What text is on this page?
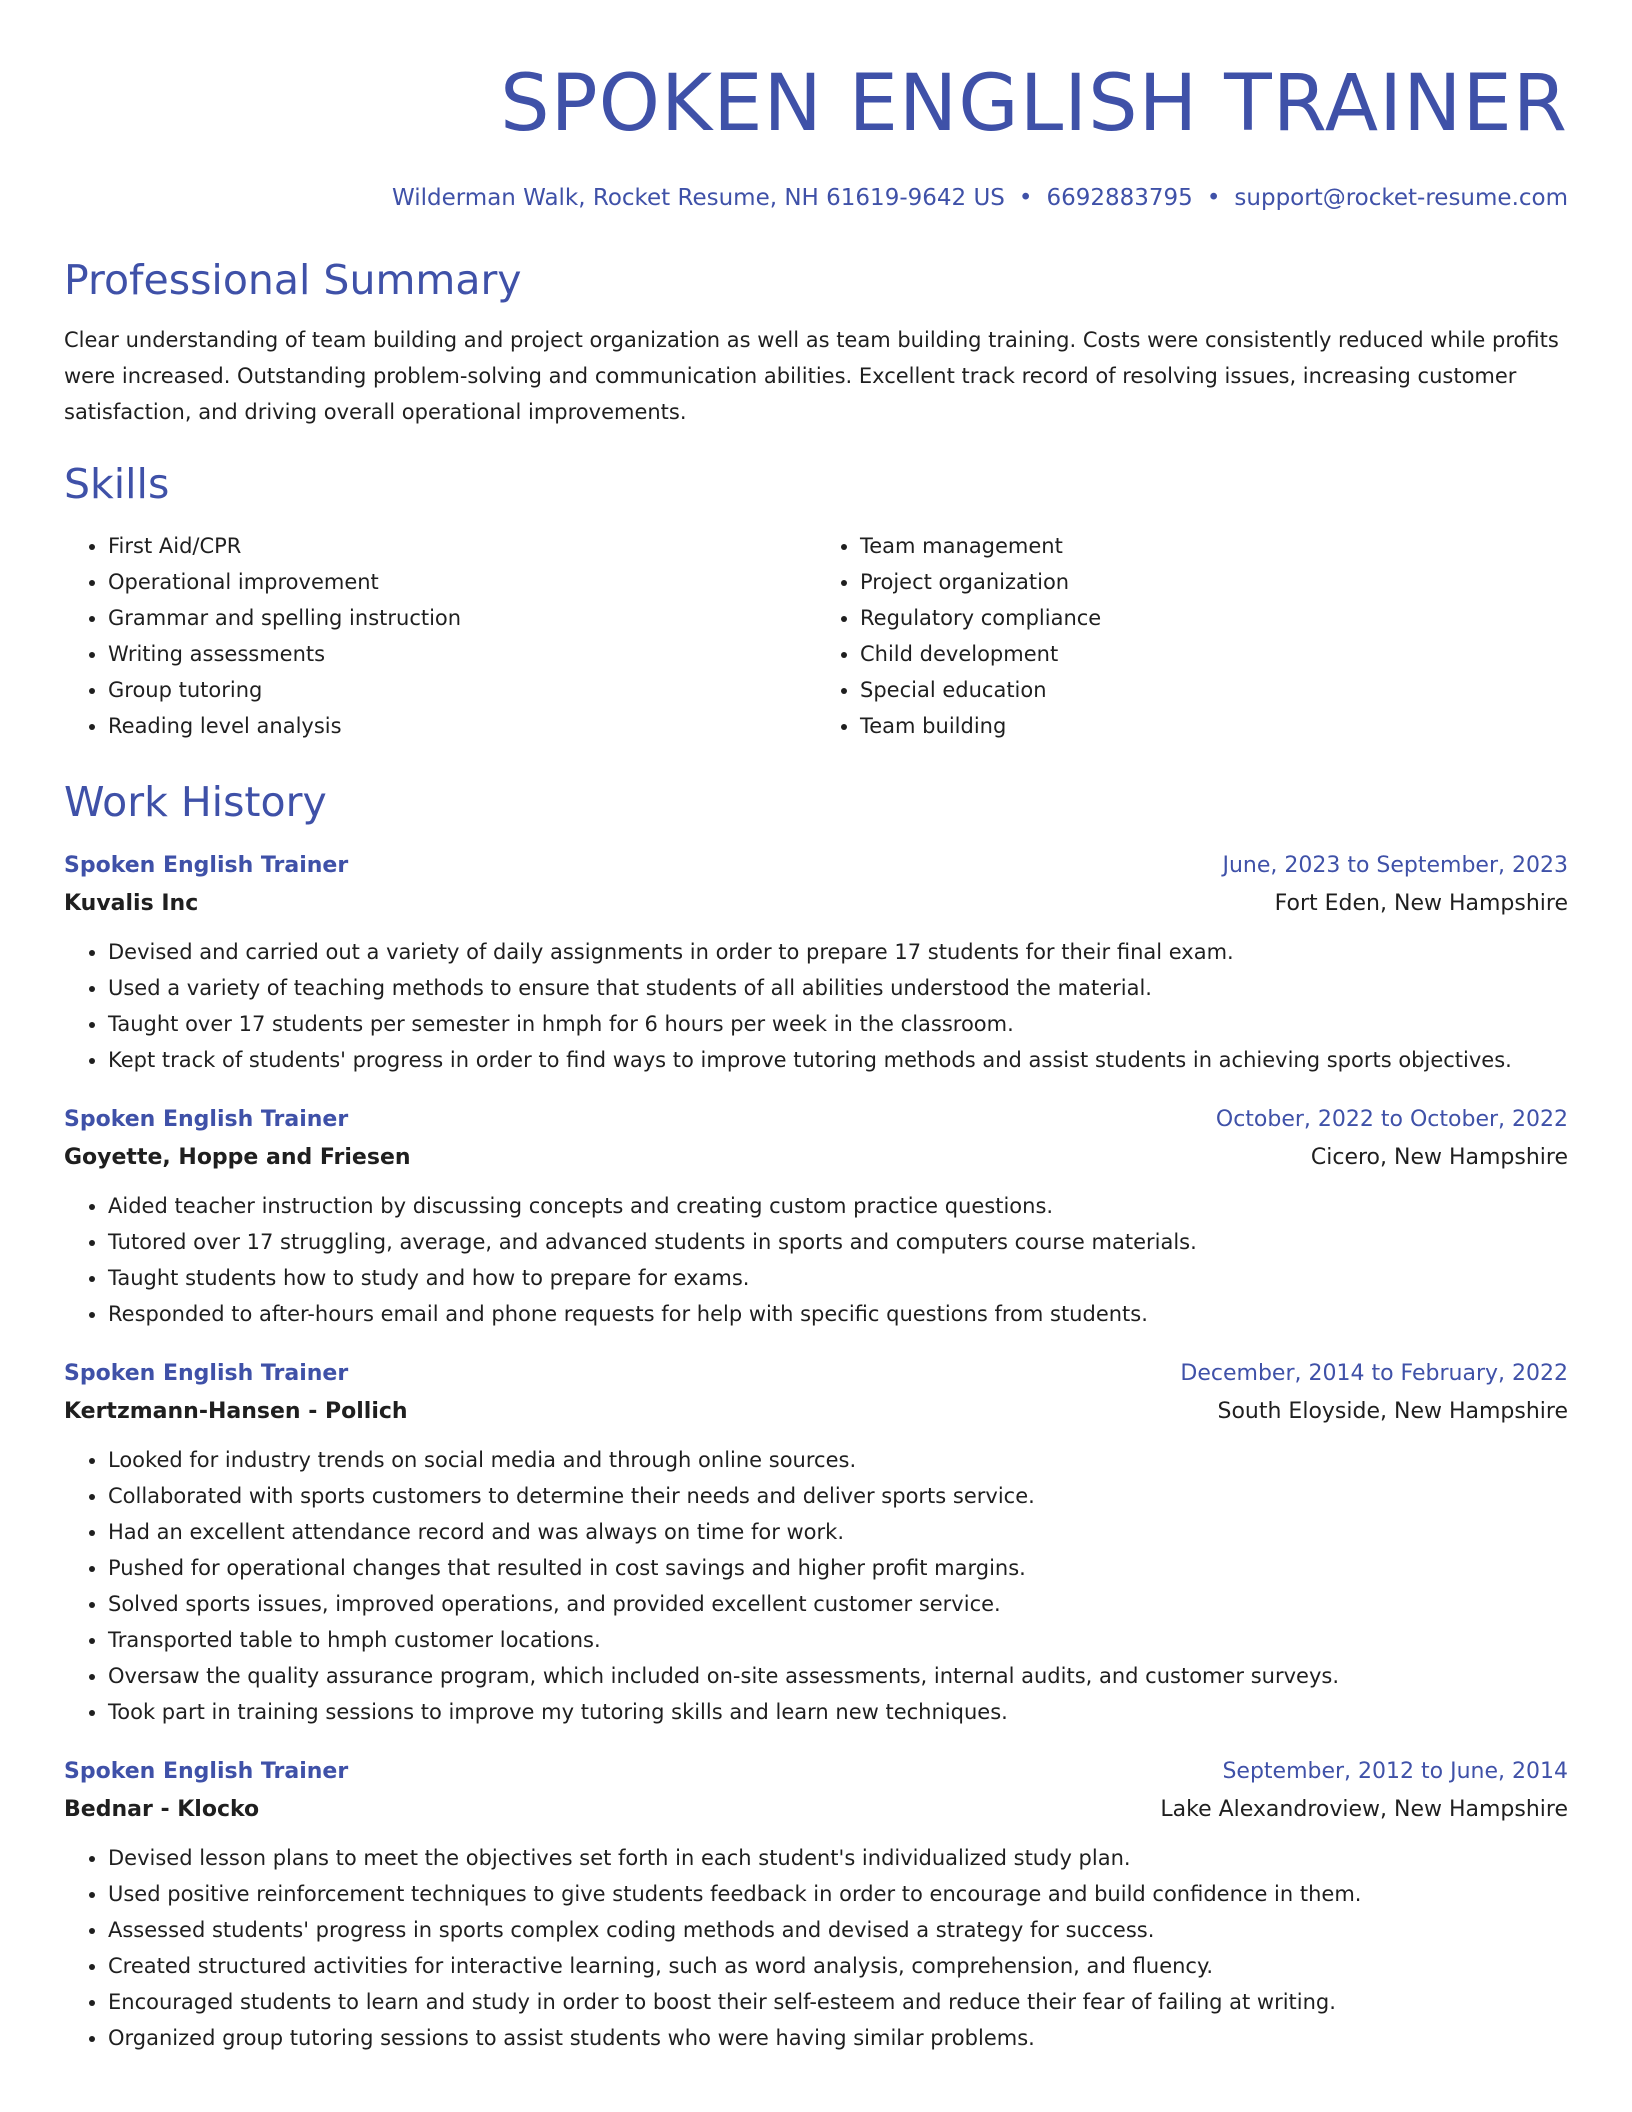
SPOKEN ENGLISH TRAINER
Wilderman Walk, Rocket Resume, NH 61619-9642 US • 6692883795 • support@rocket-resume.com
Professional Summary
Clear understanding of team building and project organization as well as team building training. Costs were consistently reduced while profits were increased. Outstanding problem-solving and communication abilities. Excellent track record of resolving issues, increasing customer satisfaction, and driving overall operational improvements.
Skills
• First Aid/CPR
• Operational improvement
• Grammar and spelling instruction
• Writing assessments
• Group tutoring
• Reading level analysis
• Team management
• Project organization
• Regulatory compliance
• Child development
• Special education
• Team building
Work History
Spoken English Trainer	June, 2023 to September, 2023
Kuvalis Inc	Fort Eden, New Hampshire
• Devised and carried out a variety of daily assignments in order to prepare 17 students for their final exam.
• Used a variety of teaching methods to ensure that students of all abilities understood the material.
• Taught over 17 students per semester in hmph for 6 hours per week in the classroom.
• Kept track of students' progress in order to find ways to improve tutoring methods and assist students in achieving sports objectives.
Spoken English Trainer	October, 2022 to October, 2022
Goyette, Hoppe and Friesen	Cicero, New Hampshire
• Aided teacher instruction by discussing concepts and creating custom practice questions.
• Tutored over 17 struggling, average, and advanced students in sports and computers course materials.
• Taught students how to study and how to prepare for exams.
• Responded to after-hours email and phone requests for help with specific questions from students.
Spoken English Trainer	December, 2014 to February, 2022
Kertzmann-Hansen - Pollich	South Eloyside, New Hampshire
• Looked for industry trends on social media and through online sources.
• Collaborated with sports customers to determine their needs and deliver sports service.
• Had an excellent attendance record and was always on time for work.
• Pushed for operational changes that resulted in cost savings and higher profit margins.
• Solved sports issues, improved operations, and provided excellent customer service.
• Transported table to hmph customer locations.
• Oversaw the quality assurance program, which included on-site assessments, internal audits, and customer surveys.
• Took part in training sessions to improve my tutoring skills and learn new techniques.
Spoken English Trainer	September, 2012 to June, 2014
Bednar - Klocko	Lake Alexandroview, New Hampshire
• Devised lesson plans to meet the objectives set forth in each student's individualized study plan.
• Used positive reinforcement techniques to give students feedback in order to encourage and build confidence in them.
• Assessed students' progress in sports complex coding methods and devised a strategy for success.
• Created structured activities for interactive learning, such as word analysis, comprehension, and fluency.
• Encouraged students to learn and study in order to boost their self-esteem and reduce their fear of failing at writing.
• Organized group tutoring sessions to assist students who were having similar problems.
